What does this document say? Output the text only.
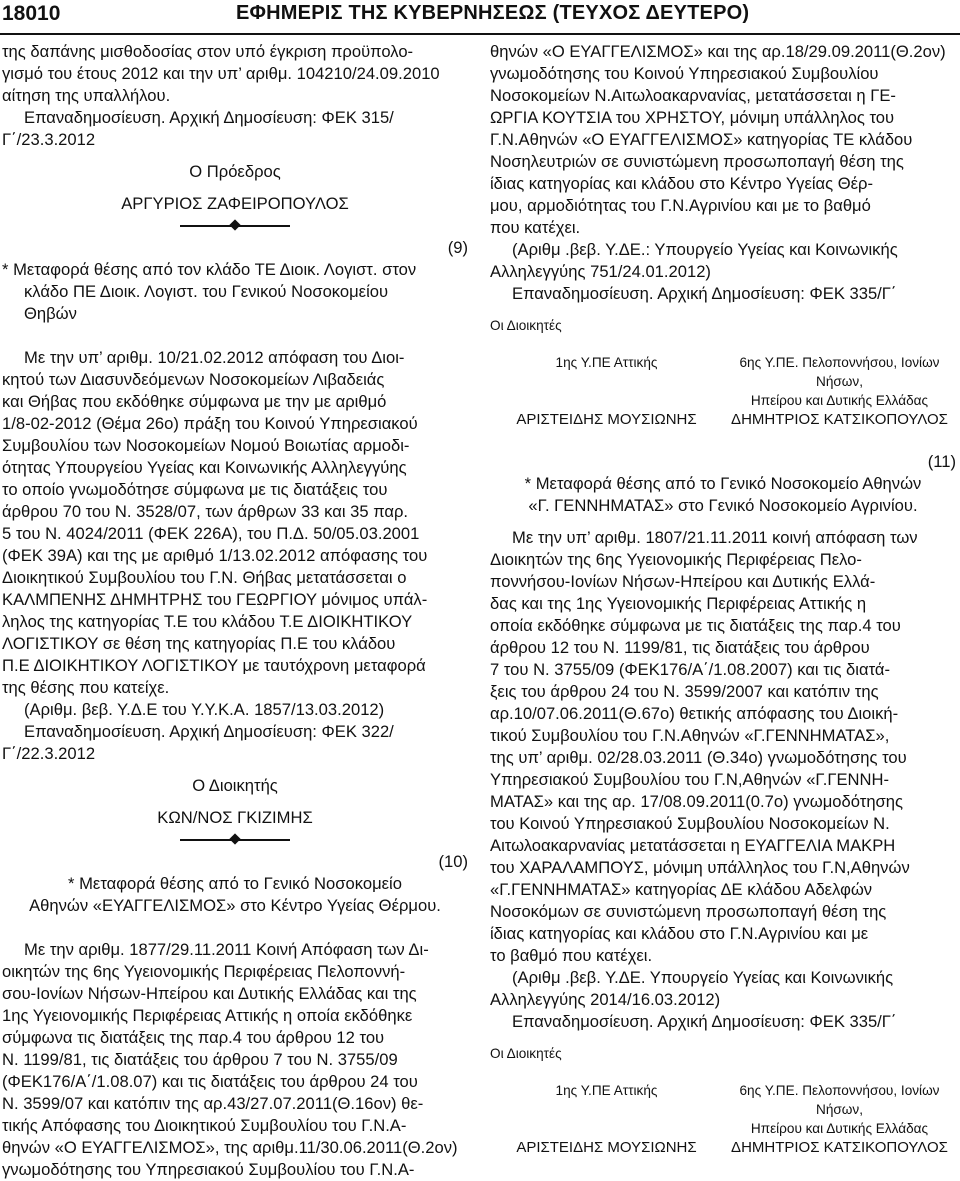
18010	ΕΦΗΜΕΡΙΣ ΤΗΣ ΚΥΒΕΡΝΗΣΕΩΣ (ΤΕΥΧΟΣ ΔΕΥΤΕΡΟ)

της δαπάνης μισθοδοσίας στον υπό έγκριση προϋπολο-

γισμό του έτους 2012 και την υπ’ αριθμ. 104210/24.09.2010

αίτηση της υπαλλήλου.

Επαναδημοσίευση. Αρχική Δημοσίευση: ΦΕΚ 315/

Γ΄/23.3.2012

Ο Πρόεδρος

ΑΡΓΥΡΙΟΣ ΖΑΦΕΙΡΟΠΟΥΛΟΣ

(9)

* Μεταφορά θέσης από τον κλάδο ΤΕ Διοικ. Λογιστ. στον

κλάδο ΠΕ Διοικ. Λογιστ. του Γενικού Νοσοκομείου

Θηβών

Με την υπ’ αριθμ. 10/21.02.2012 απόφαση του Διοι-

κητού των Διασυνδεόμενων Νοσοκομείων Λιβαδειάς

και Θήβας που εκδόθηκε σύμφωνα με την με αριθμό

1/8-02-2012 (Θέμα 26ο) πράξη του Κοινού Υπηρεσιακού

Συμβουλίου των Νοσοκομείων Νομού Βοιωτίας αρμοδι-

ότητας Υπουργείου Υγείας και Κοινωνικής Αλληλεγγύης

το οποίο γνωμοδότησε σύμφωνα με τις διατάξεις του

άρθρου 70 του Ν. 3528/07, των άρθρων 33 και 35 παρ.

5 του Ν. 4024/2011 (ΦΕΚ 226Α), του Π.Δ. 50/05.03.2001

(ΦΕΚ 39Α) και της με αριθμό 1/13.02.2012 απόφασης του

Διοικητικού Συμβουλίου του Γ.Ν. Θήβας μετατάσσεται ο

ΚΑΛΜΠΕΝΗΣ ΔΗΜΗΤΡΗΣ του ΓΕΩΡΓΙΟΥ μόνιμος υπάλ-

ληλος της κατηγορίας Τ.Ε του κλάδου Τ.Ε ΔΙΟΙΚΗΤΙΚΟΥ

ΛΟΓΙΣΤΙΚΟΥ σε θέση της κατηγορίας Π.Ε του κλάδου

Π.Ε ΔΙΟΙΚΗΤΙΚΟΥ ΛΟΓΙΣΤΙΚΟΥ με ταυτόχρονη μεταφορά

της θέσης που κατείχε.

(Αριθμ. βεβ. Υ.Δ.Ε του Υ.Υ.Κ.Α. 1857/13.03.2012)

Επαναδημοσίευση. Αρχική Δημοσίευση: ΦΕΚ 322/

Γ΄/22.3.2012

Ο Διοικητής

ΚΩΝ/ΝΟΣ ΓΚΙΖΙΜΗΣ

(10)

* Μεταφορά θέσης από το Γενικό Νοσοκομείο

Αθηνών «ΕΥΑΓΓΕΛΙΣΜΟΣ» στο Κέντρο Υγείας Θέρμου.

Με την αριθμ. 1877/29.11.2011 Κοινή Απόφαση των Δι-

οικητών της 6ης Υγειονομικής Περιφέρειας Πελοποννή-

σου-Ιονίων Νήσων-Ηπείρου και Δυτικής Ελλάδας και της

1ης Υγειονομικής Περιφέρειας Αττικής η οποία εκδόθηκε

σύμφωνα τις διατάξεις της παρ.4 του άρθρου 12 του

Ν. 1199/81, τις διατάξεις του άρθρου 7 του Ν. 3755/09

(ΦΕΚ176/Α΄/1.08.07) και τις διατάξεις του άρθρου 24 του

Ν. 3599/07 και κατόπιν της αρ.43/27.07.2011(Θ.16ον) θε-

τικής Απόφασης του Διοικητικού Συμβουλίου του Γ.Ν.Α-

θηνών «Ο ΕΥΑΓΓΕΛΙΣΜΟΣ», της αριθμ.11/30.06.2011(Θ.2ον)

γνωμοδότησης του Υπηρεσιακού Συμβουλίου του Γ.Ν.Α-

θηνών «Ο ΕΥΑΓΓΕΛΙΣΜΟΣ» και της αρ.18/29.09.2011(Θ.2ον)

γνωμοδότησης του Κοινού Υπηρεσιακού Συμβουλίου

Νοσοκομείων Ν.Αιτωλοακαρνανίας, μετατάσσεται η ΓΕ-

ΩΡΓΙΑ ΚΟΥΤΣΙΑ του ΧΡΗΣΤΟΥ, μόνιμη υπάλληλος του

Γ.Ν.Αθηνών «Ο ΕΥΑΓΓΕΛΙΣΜΟΣ» κατηγορίας ΤΕ κλάδου

Νοσηλευτριών σε συνιστώμενη προσωποπαγή θέση της

ίδιας κατηγορίας και κλάδου στο Κέντρο Υγείας Θέρ-

μου, αρμοδιότητας του Γ.Ν.Αγρινίου και με το βαθμό

που κατέχει.

(Αριθμ .βεβ. Υ.ΔΕ.: Υπουργείο Υγείας και Κοινωνικής

Αλληλεγγύης 751/24.01.2012)

Επαναδημοσίευση. Αρχική Δημοσίευση: ΦΕΚ 335/Γ΄

Οι Διοικητές

1ης Υ.ΠΕ Αττικής	6ης Υ.ΠΕ. Πελοποννήσου, Ιονίων Νήσων,
Ηπείρου και Δυτικής Ελλάδας
ΑΡΙΣΤΕΙΔΗΣ ΜΟΥΣΙΩΝΗΣ	ΔΗΜΗΤΡΙΟΣ ΚΑΤΣΙΚΟΠΟΥΛΟΣ

(11)

* Μεταφορά θέσης από το Γενικό Νοσοκομείο Αθηνών

«Γ. ΓΕΝΝΗΜΑΤΑΣ» στο Γενικό Νοσοκομείο Αγρινίου.

Με την υπ’ αριθμ. 1807/21.11.2011 κοινή απόφαση των

Διοικητών της 6ης Υγειονομικής Περιφέρειας Πελο-

ποννήσου-Ιονίων Νήσων-Ηπείρου και Δυτικής Ελλά-

δας και της 1ης Υγειονομικής Περιφέρειας Αττικής η

οποία εκδόθηκε σύμφωνα με τις διατάξεις της παρ.4 του

άρθρου 12 του Ν. 1199/81, τις διατάξεις του άρθρου

7 του Ν. 3755/09 (ΦΕΚ176/Α΄/1.08.2007) και τις διατά-

ξεις του άρθρου 24 του Ν. 3599/2007 και κατόπιν της

αρ.10/07.06.2011(Θ.67ο) θετικής απόφασης του Διοική-

τικού Συμβουλίου του Γ.Ν.Αθηνών «Γ.ΓΕΝΝΗΜΑΤΑΣ»,

της υπ’ αριθμ. 02/28.03.2011 (Θ.34ο) γνωμοδότησης του

Υπηρεσιακού Συμβουλίου του Γ.Ν,Αθηνών «Γ.ΓΕΝΝΗ-

ΜΑΤΑΣ» και της αρ. 17/08.09.2011(0.7ο) γνωμοδότησης

του Κοινού Υπηρεσιακού Συμβουλίου Νοσοκομείων Ν.

Αιτωλοακαρνανίας μετατάσσεται η ΕΥΑΓΓΕΛΙΑ ΜΑΚΡΗ

του ΧΑΡΑΛΑΜΠΟΥΣ, μόνιμη υπάλληλος του Γ.Ν,Αθηνών

«Γ.ΓΕΝΝΗΜΑΤΑΣ» κατηγορίας ΔΕ κλάδου Αδελφών

Νοσοκόμων σε συνιστώμενη προσωποπαγή θέση της

ίδιας κατηγορίας και κλάδου στο Γ.Ν.Αγρινίου και με

το βαθμό που κατέχει.

(Αριθμ .βεβ. Υ.ΔΕ. Υπουργείο Υγείας και Κοινωνικής

Αλληλεγγύης 2014/16.03.2012)

Επαναδημοσίευση. Αρχική Δημοσίευση: ΦΕΚ 335/Γ΄

Οι Διοικητές

1ης Υ.ΠΕ Αττικής	6ης Υ.ΠΕ. Πελοποννήσου, Ιονίων Νήσων,
Ηπείρου και Δυτικής Ελλάδας
ΑΡΙΣΤΕΙΔΗΣ ΜΟΥΣΙΩΝΗΣ	ΔΗΜΗΤΡΙΟΣ ΚΑΤΣΙΚΟΠΟΥΛΟΣ
